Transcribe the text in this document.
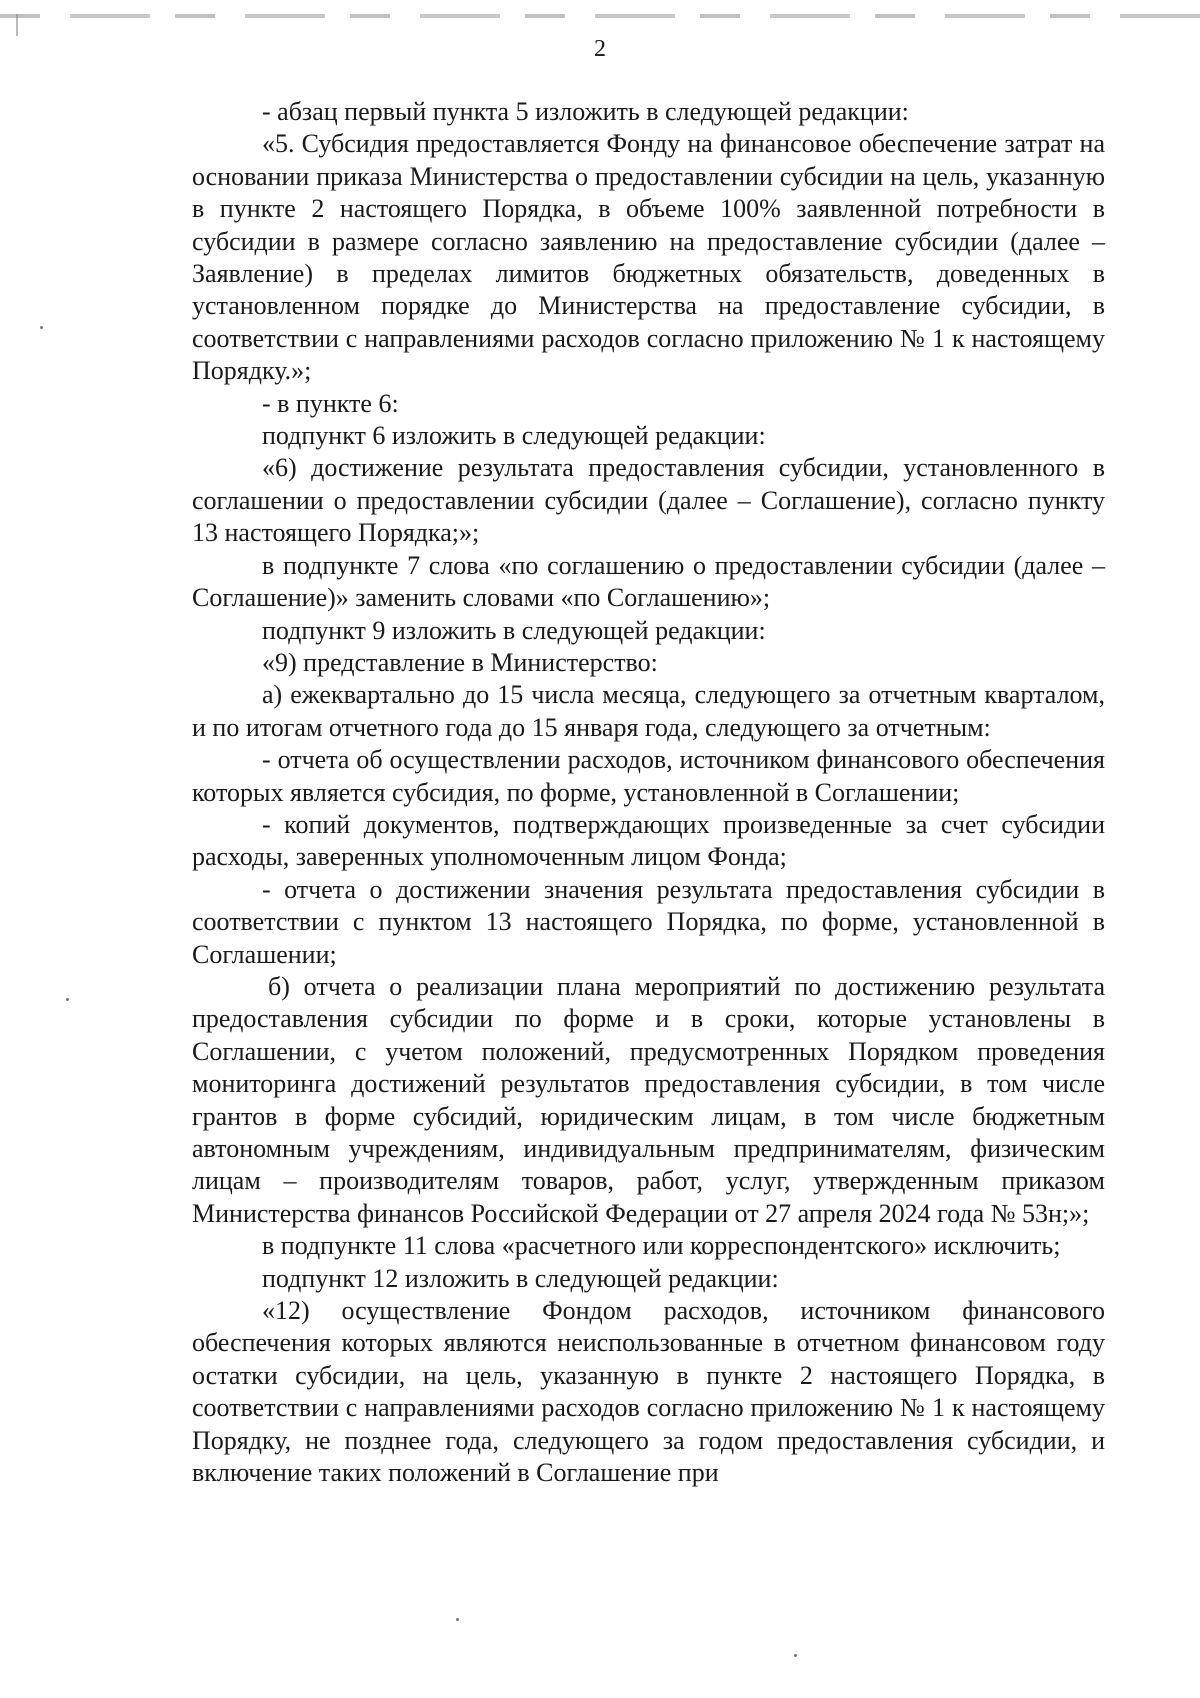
2

- абзац первый пункта 5 изложить в следующей редакции:

«5. Субсидия предоставляется Фонду на финансовое обеспечение затрат на основании приказа Министерства о предоставлении субсидии на цель, указанную в пункте 2 настоящего Порядка, в объеме 100% заявленной потребности в субсидии в размере согласно заявлению на предоставление субсидии (далее – Заявление) в пределах лимитов бюджетных обязательств, доведенных в установленном порядке до Министерства на предоставление субсидии, в соответствии с направлениями расходов согласно приложению № 1 к настоящему Порядку.»;

- в пункте 6:

подпункт 6 изложить в следующей редакции:

«6) достижение результата предоставления субсидии, установленного в соглашении о предоставлении субсидии (далее – Соглашение), согласно пункту 13 настоящего Порядка;»;

в подпункте 7 слова «по соглашению о предоставлении субсидии (далее – Соглашение)» заменить словами «по Соглашению»;

подпункт 9 изложить в следующей редакции:

«9) представление в Министерство:

а) ежеквартально до 15 числа месяца, следующего за отчетным кварталом, и по итогам отчетного года до 15 января года, следующего за отчетным:

- отчета об осуществлении расходов, источником финансового обеспечения которых является субсидия, по форме, установленной в Соглашении;

- копий документов, подтверждающих произведенные за счет субсидии расходы, заверенных уполномоченным лицом Фонда;

- отчета о достижении значения результата предоставления субсидии в соответствии с пунктом 13 настоящего Порядка, по форме, установленной в Соглашении;

б) отчета о реализации плана мероприятий по достижению результата предоставления субсидии по форме и в сроки, которые установлены в Соглашении, с учетом положений, предусмотренных Порядком проведения мониторинга достижений результатов предоставления субсидии, в том числе грантов в форме субсидий, юридическим лицам, в том числе бюджетным автономным учреждениям, индивидуальным предпринимателям, физическим лицам – производителям товаров, работ, услуг, утвержденным приказом Министерства финансов Российской Федерации от 27 апреля 2024 года № 53н;»;

в подпункте 11 слова «расчетного или корреспондентского» исключить;

подпункт 12 изложить в следующей редакции:

«12) осуществление Фондом расходов, источником финансового обеспечения которых являются неиспользованные в отчетном финансовом году остатки субсидии, на цель, указанную в пункте 2 настоящего Порядка, в соответствии с направлениями расходов согласно приложению № 1 к настоящему Порядку, не позднее года, следующего за годом предоставления субсидии, и включение таких положений в Соглашение при
